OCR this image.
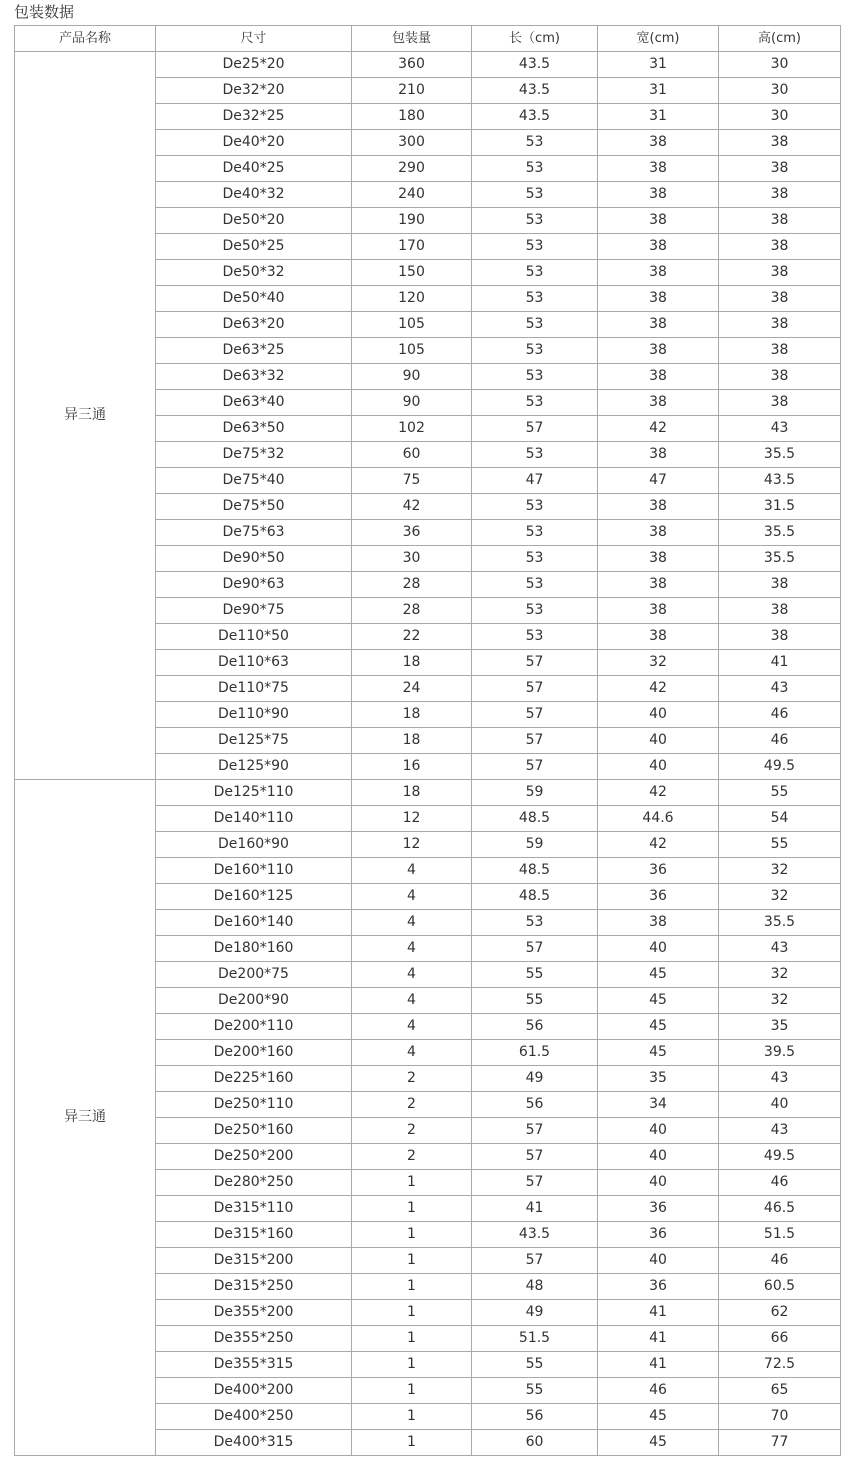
包装数据
产品名称	尺寸	包装量	长（cm)	宽(cm)	高(cm)
异三通	De25*20	360	43.5	31	30
	De32*20	210	43.5	31	30
	De32*25	180	43.5	31	30
	De40*20	300	53	38	38
	De40*25	290	53	38	38
	De40*32	240	53	38	38
	De50*20	190	53	38	38
	De50*25	170	53	38	38
	De50*32	150	53	38	38
	De50*40	120	53	38	38
	De63*20	105	53	38	38
	De63*25	105	53	38	38
	De63*32	90	53	38	38
	De63*40	90	53	38	38
	De63*50	102	57	42	43
	De75*32	60	53	38	35.5
	De75*40	75	47	47	43.5
	De75*50	42	53	38	31.5
	De75*63	36	53	38	35.5
	De90*50	30	53	38	35.5
	De90*63	28	53	38	38
	De90*75	28	53	38	38
	De110*50	22	53	38	38
	De110*63	18	57	32	41
	De110*75	24	57	42	43
	De110*90	18	57	40	46
	De125*75	18	57	40	46
	De125*90	16	57	40	49.5
异三通	De125*110	18	59	42	55
	De140*110	12	48.5	44.6	54
	De160*90	12	59	42	55
	De160*110	4	48.5	36	32
	De160*125	4	48.5	36	32
	De160*140	4	53	38	35.5
	De180*160	4	57	40	43
	De200*75	4	55	45	32
	De200*90	4	55	45	32
	De200*110	4	56	45	35
	De200*160	4	61.5	45	39.5
	De225*160	2	49	35	43
	De250*110	2	56	34	40
	De250*160	2	57	40	43
	De250*200	2	57	40	49.5
	De280*250	1	57	40	46
	De315*110	1	41	36	46.5
	De315*160	1	43.5	36	51.5
	De315*200	1	57	40	46
	De315*250	1	48	36	60.5
	De355*200	1	49	41	62
	De355*250	1	51.5	41	66
	De355*315	1	55	41	72.5
	De400*200	1	55	46	65
	De400*250	1	56	45	70
	De400*315	1	60	45	77
